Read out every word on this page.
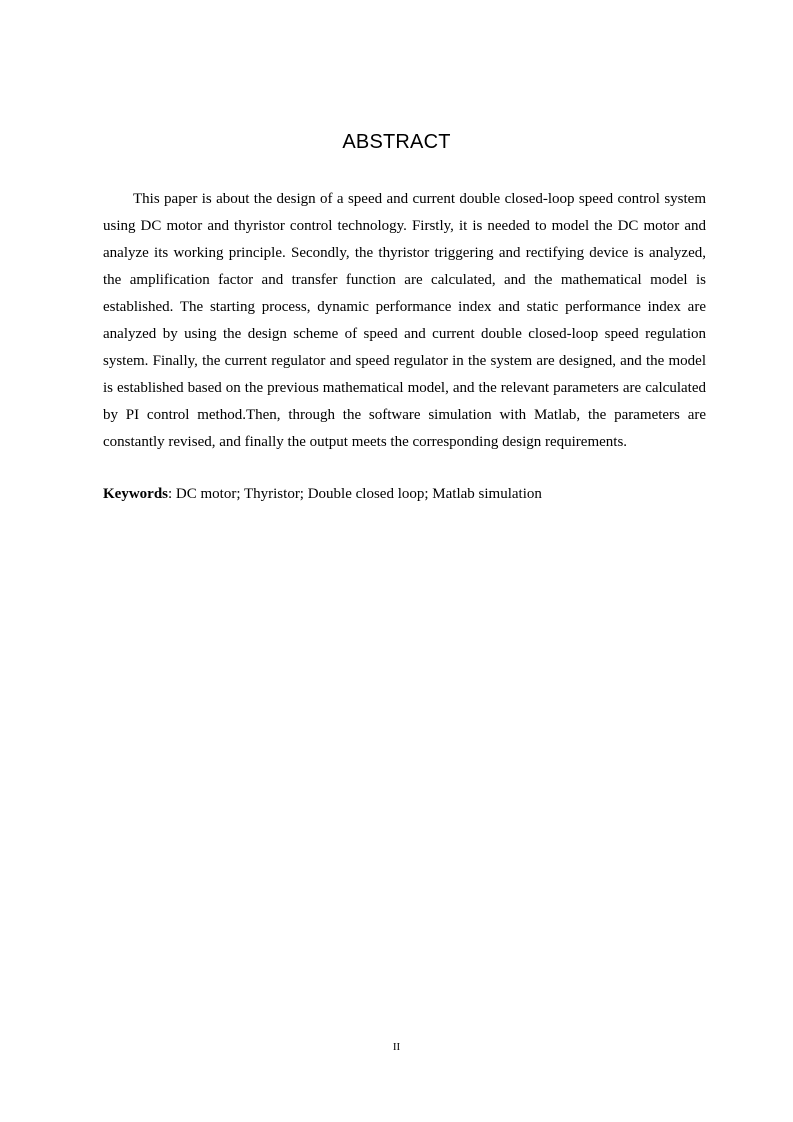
ABSTRACT

This paper is about the design of a speed and current double closed-loop speed control system using DC motor and thyristor control technology. Firstly, it is needed to model the DC motor and analyze its working principle. Secondly, the thyristor triggering and rectifying device is analyzed, the amplification factor and transfer function are calculated, and the mathematical model is established. The starting process, dynamic performance index and static performance index are analyzed by using the design scheme of speed and current double closed-loop speed regulation system. Finally, the current regulator and speed regulator in the system are designed, and the model is established based on the previous mathematical model, and the relevant parameters are calculated by PI control method.Then, through the software simulation with Matlab, the parameters are constantly revised, and finally the output meets the corresponding design requirements.

Keywords: DC motor; Thyristor; Double closed loop; Matlab simulation

II
